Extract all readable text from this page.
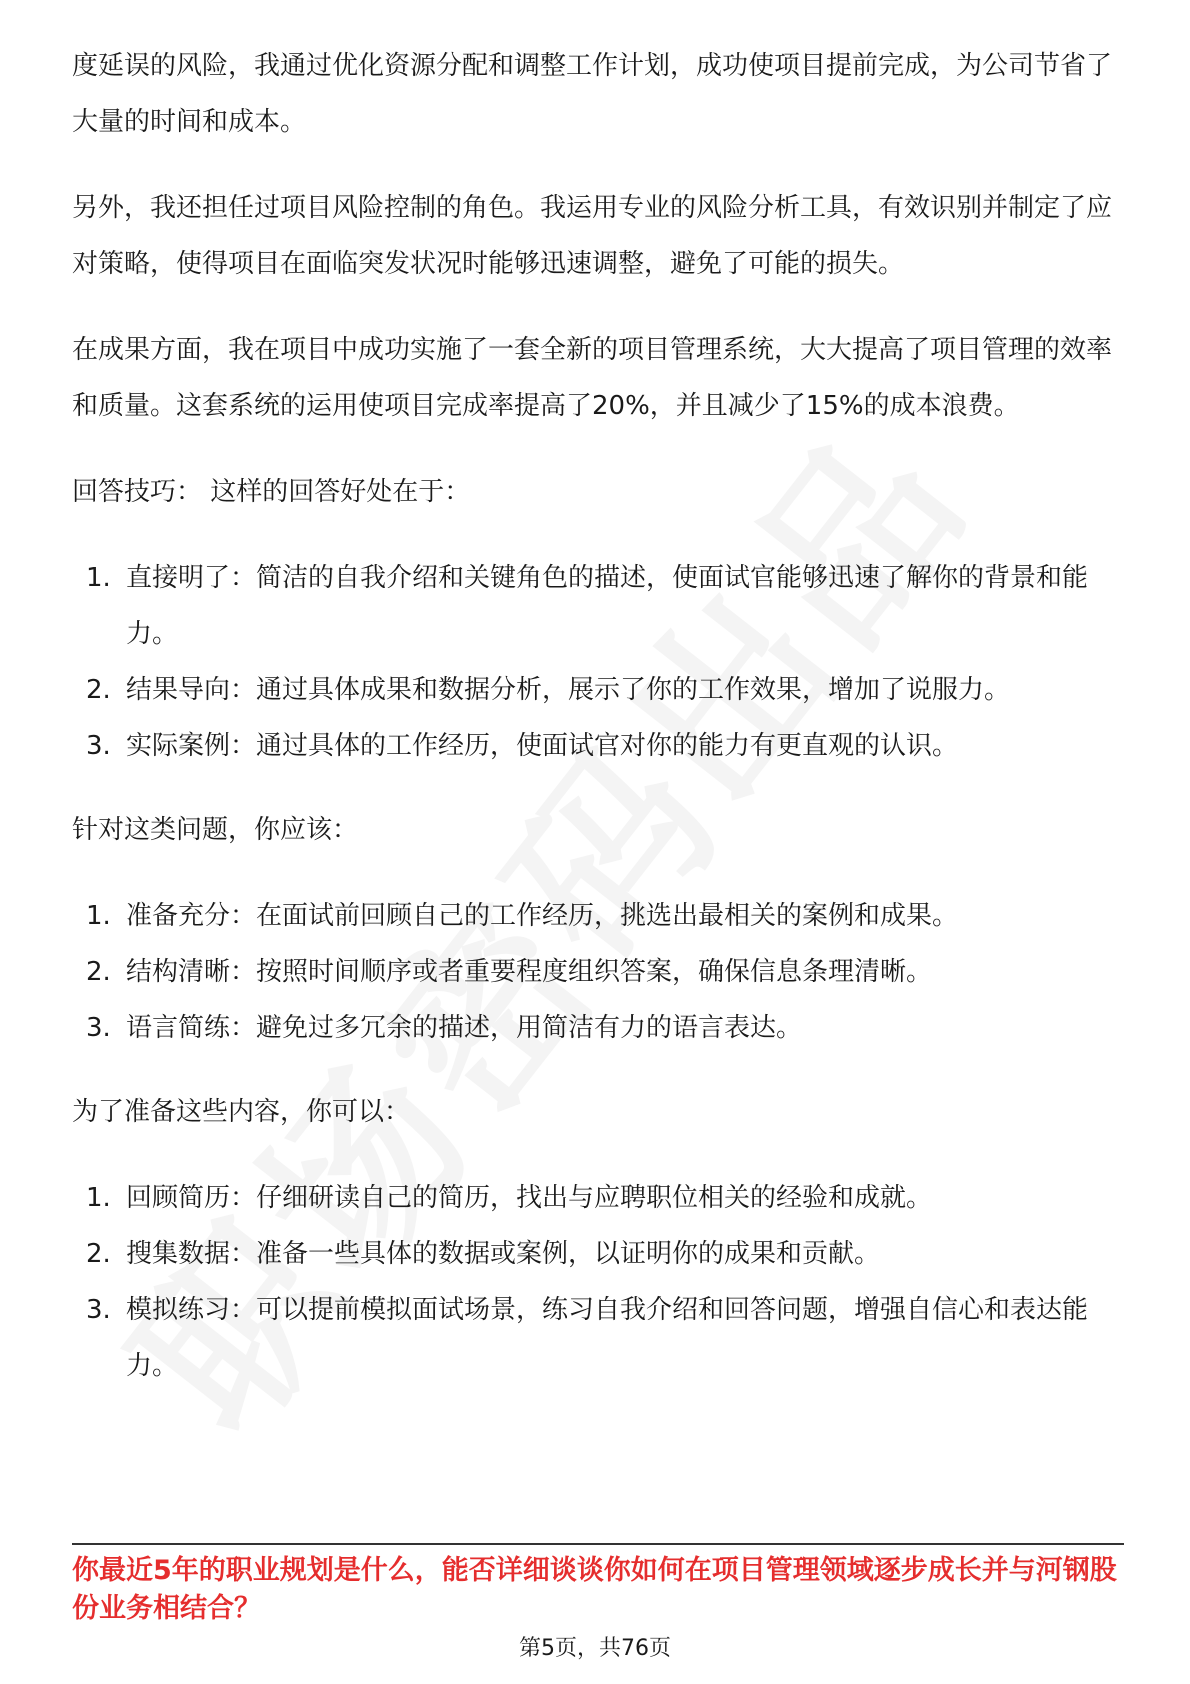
度延误的风险，我通过优化资源分配和调整工作计划，成功使项目提前完成，为公司节省了大量的时间和成本。

另外，我还担任过项目风险控制的角色。我运用专业的风险分析工具，有效识别并制定了应对策略，使得项目在面临突发状况时能够迅速调整，避免了可能的损失。

在成果方面，我在项目中成功实施了一套全新的项目管理系统，大大提高了项目管理的效率和质量。这套系统的运用使项目完成率提高了20%，并且减少了15%的成本浪费。

回答技巧： 这样的回答好处在于：

1. 直接明了：简洁的自我介绍和关键角色的描述，使面试官能够迅速了解你的背景和能力。
2. 结果导向：通过具体成果和数据分析，展示了你的工作效果，增加了说服力。
3. 实际案例：通过具体的工作经历，使面试官对你的能力有更直观的认识。

针对这类问题，你应该：

1. 准备充分：在面试前回顾自己的工作经历，挑选出最相关的案例和成果。
2. 结构清晰：按照时间顺序或者重要程度组织答案，确保信息条理清晰。
3. 语言简练：避免过多冗余的描述，用简洁有力的语言表达。

为了准备这些内容，你可以：

1. 回顾简历：仔细研读自己的简历，找出与应聘职位相关的经验和成就。
2. 搜集数据：准备一些具体的数据或案例，以证明你的成果和贡献。
3. 模拟练习：可以提前模拟面试场景，练习自我介绍和回答问题，增强自信心和表达能力。
你最近5年的职业规划是什么，能否详细谈谈你如何在项目管理领域逐步成长并与河钢股份业务相结合？
第5页，共76页
